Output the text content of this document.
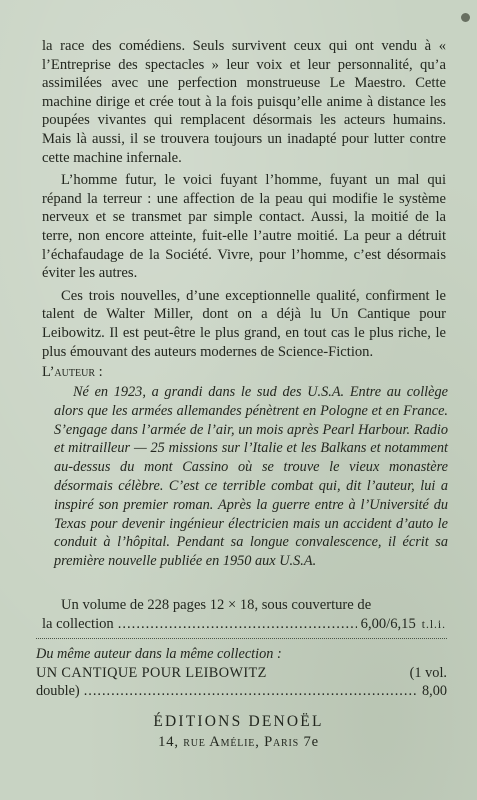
la race des comédiens. Seuls survivent ceux qui ont vendu à « l’Entreprise des spectacles » leur voix et leur personnalité, qu’a assimilées avec une perfection monstrueuse Le Maestro. Cette machine dirige et crée tout à la fois puisqu’elle anime à distance les poupées vivantes qui remplacent désormais les acteurs humains. Mais là aussi, il se trouvera toujours un inadapté pour lutter contre cette machine infernale.

L’homme futur, le voici fuyant l’homme, fuyant un mal qui répand la terreur : une affection de la peau qui modifie le système nerveux et se transmet par simple contact. Aussi, la moitié de la terre, non encore atteinte, fuit-elle l’autre moitié. La peur a détruit l’échafaudage de la Société. Vivre, pour l’homme, c’est désormais éviter les autres.

Ces trois nouvelles, d’une exceptionnelle qualité, confirment le talent de Walter Miller, dont on a déjà lu Un Cantique pour Leibowitz. Il est peut-être le plus grand, en tout cas le plus riche, le plus émouvant des auteurs modernes de Science-Fiction.

L’auteur :

Né en 1923, a grandi dans le sud des U.S.A. Entre au collège alors que les armées allemandes pénètrent en Pologne et en France. S’engage dans l’armée de l’air, un mois après Pearl Harbour. Radio et mitrailleur — 25 missions sur l’Italie et les Balkans et notamment au-dessus du mont Cassino où se trouve le vieux monastère désormais célèbre. C’est ce terrible combat qui, dit l’auteur, lui a inspiré son premier roman. Après la guerre entre à l’Université du Texas pour devenir ingénieur électricien mais un accident d’auto le conduit à l’hôpital. Pendant sa longue convalescence, il écrit sa première nouvelle publiée en 1950 aux U.S.A.

Un volume de 228 pages 12 × 18, sous couverture de
la collection .....	6,00/6,15 t.l.i.
Du même auteur dans la même collection :
UN CANTIQUE POUR LEIBOWITZ	(1 vol.
double) .....	8,00
ÉDITIONS DENOËL
14, rue Amélie, Paris 7e
